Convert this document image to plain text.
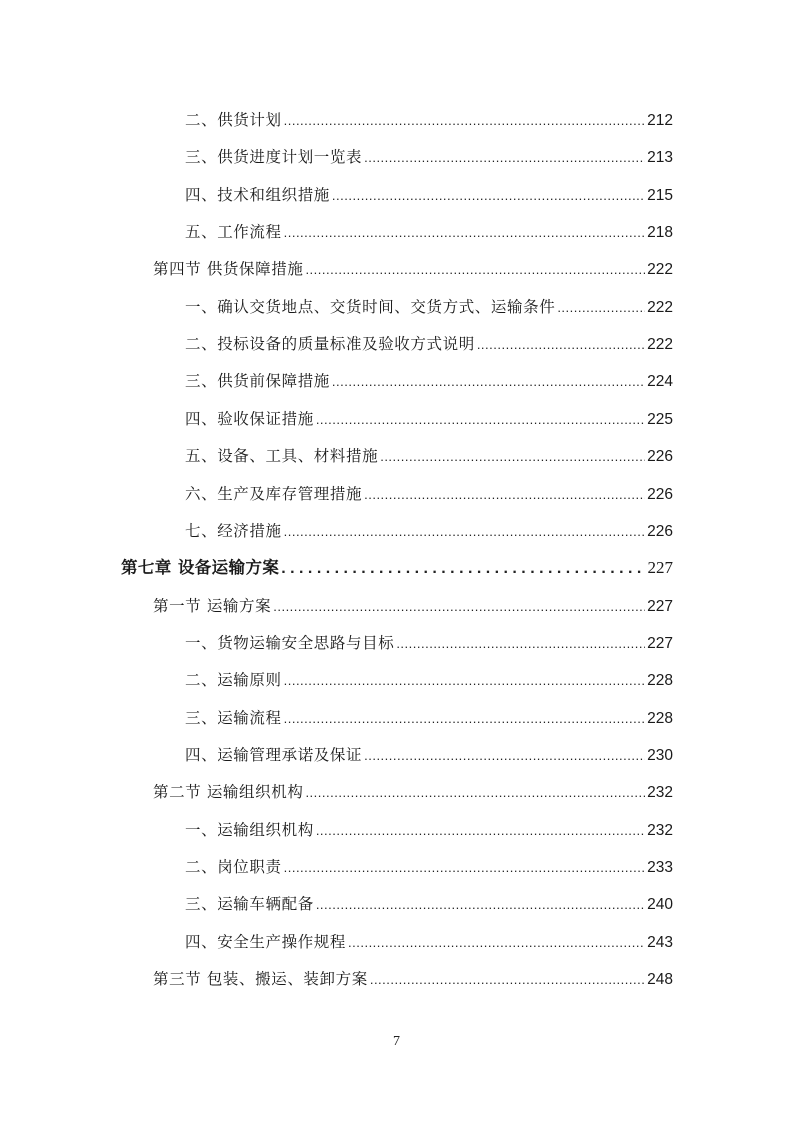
二、供货计划 .....	212
三、供货进度计划一览表 .....	213
四、技术和组织措施 .....	215
五、工作流程 .....	218
第四节 供货保障措施 .....	222
一、确认交货地点、交货时间、交货方式、运输条件 .....	222
二、投标设备的质量标准及验收方式说明 .....	222
三、供货前保障措施 .....	224
四、验收保证措施 .....	225
五、设备、工具、材料措施 .....	226
六、生产及库存管理措施 .....	226
七、经济措施 .....	226
第七章 设备运输方案 . . .	227
第一节 运输方案 .....	227
一、货物运输安全思路与目标 .....	227
二、运输原则 .....	228
三、运输流程 .....	228
四、运输管理承诺及保证 .....	230
第二节 运输组织机构 .....	232
一、运输组织机构 .....	232
二、岗位职责 .....	233
三、运输车辆配备 .....	240
四、安全生产操作规程 .....	243
第三节 包装、搬运、装卸方案 .....	248
7
